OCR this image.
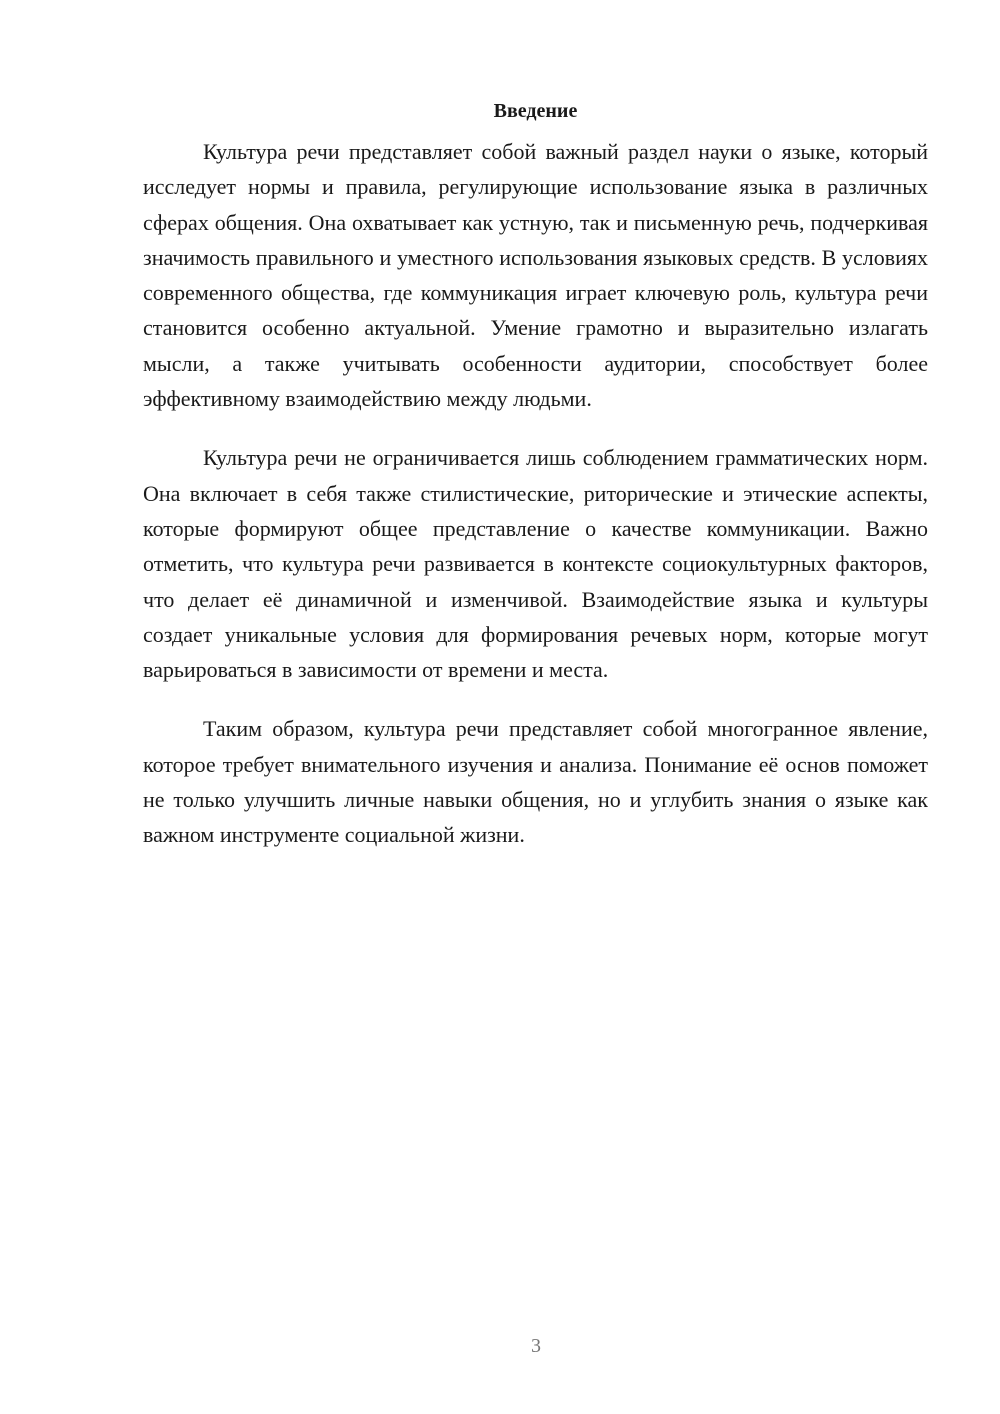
Введение

Культура речи представляет собой важный раздел науки о языке, который исследует нормы и правила, регулирующие использование языка в различных сферах общения. Она охватывает как устную, так и письменную речь, подчеркивая значимость правильного и уместного использования языковых средств. В условиях современного общества, где коммуникация играет ключевую роль, культура речи становится особенно актуальной. Умение грамотно и выразительно излагать мысли, а также учитывать особенности аудитории, способствует более эффективному взаимодействию между людьми.

Культура речи не ограничивается лишь соблюдением грамматических норм. Она включает в себя также стилистические, риторические и этические аспекты, которые формируют общее представление о качестве коммуникации. Важно отметить, что культура речи развивается в контексте социокультурных факторов, что делает её динамичной и изменчивой. Взаимодействие языка и культуры создает уникальные условия для формирования речевых норм, которые могут варьироваться в зависимости от времени и места.

Таким образом, культура речи представляет собой многогранное явление, которое требует внимательного изучения и анализа. Понимание её основ поможет не только улучшить личные навыки общения, но и углубить знания о языке как важном инструменте социальной жизни.

3
